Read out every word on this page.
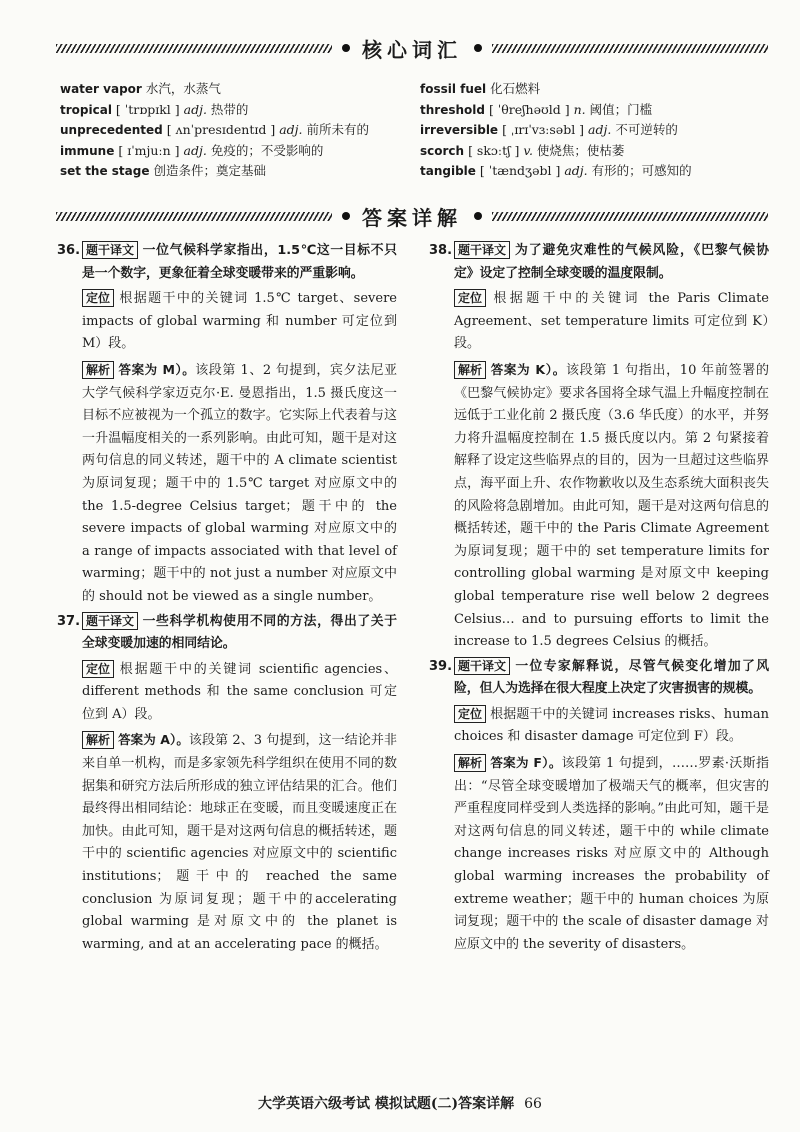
核心词汇
water vapor 水汽，水蒸气
tropical [ ˈtrɒpɪkl ] adj. 热带的
unprecedented [ ʌnˈpresɪdentɪd ] adj. 前所未有的
immune [ ɪˈmjuːn ] adj. 免疫的；不受影响的
set the stage 创造条件；奠定基础
fossil fuel 化石燃料
threshold [ ˈθreʃhəʊld ] n. 阈值；门槛
irreversible [ ˌɪrɪˈvɜːsəbl ] adj. 不可逆转的
scorch [ skɔːtʃ ] v. 使烧焦；使枯萎
tangible [ ˈtændʒəbl ] adj. 有形的；可感知的
答案详解
36. 题干译文 一位气候科学家指出，1.5℃这一目标不只是一个数字，更象征着全球变暖带来的严重影响。
定位 根据题干中的关键词 1.5℃ target、severe impacts of global warming 和 number 可定位到 M）段。
解析 答案为 M）。该段第 1、2 句提到，宾夕法尼亚大学气候科学家迈克尔·E. 曼恩指出，1.5 摄氏度这一目标不应被视为一个孤立的数字。它实际上代表着与这一升温幅度相关的一系列影响。由此可知，题干是对这两句信息的同义转述，题干中的 A climate scientist 为原词复现；题干中的 1.5℃ target 对应原文中的 the 1.5-degree Celsius target；题干中的 the severe impacts of global warming 对应原文中的 a range of impacts associated with that level of warming；题干中的 not just a number 对应原文中的 should not be viewed as a single number。
37. 题干译文 一些科学机构使用不同的方法，得出了关于全球变暖加速的相同结论。
定位 根据题干中的关键词 scientific agencies、different methods 和 the same conclusion 可定位到 A）段。
解析 答案为 A）。该段第 2、3 句提到，这一结论并非来自单一机构，而是多家领先科学组织在使用不同的数据集和研究方法后所形成的独立评估结果的汇合。他们最终得出相同结论：地球正在变暖，而且变暖速度正在加快。由此可知，题干是对这两句信息的概括转述，题干中的 scientific agencies 对应原文中的 scientific institutions；题干中的 reached the same conclusion 为原词复现；题干中的accelerating global warming 是对原文中的 the planet is warming, and at an accelerating pace 的概括。
38. 题干译文 为了避免灾难性的气候风险，《巴黎气候协定》设定了控制全球变暖的温度限制。
定位 根据题干中的关键词 the Paris Climate Agreement、set temperature limits 可定位到 K）段。
解析 答案为 K）。该段第 1 句指出，10 年前签署的《巴黎气候协定》要求各国将全球气温上升幅度控制在远低于工业化前 2 摄氏度（3.6 华氏度）的水平，并努力将升温幅度控制在 1.5 摄氏度以内。第 2 句紧接着解释了设定这些临界点的目的，因为一旦超过这些临界点，海平面上升、农作物歉收以及生态系统大面积丧失的风险将急剧增加。由此可知，题干是对这两句信息的概括转述，题干中的 the Paris Climate Agreement 为原词复现；题干中的 set temperature limits for controlling global warming 是对原文中 keeping global temperature rise well below 2 degrees Celsius… and to pursuing efforts to limit the increase to 1.5 degrees Celsius 的概括。
39. 题干译文 一位专家解释说，尽管气候变化增加了风险，但人为选择在很大程度上决定了灾害损害的规模。
定位 根据题干中的关键词 increases risks、human choices 和 disaster damage 可定位到 F）段。
解析 答案为 F）。该段第 1 句提到，……罗素·沃斯指出：“尽管全球变暖增加了极端天气的概率，但灾害的严重程度同样受到人类选择的影响。”由此可知，题干是对这两句信息的同义转述，题干中的 while climate change increases risks 对应原文中的 Although global warming increases the probability of extreme weather；题干中的 human choices 为原词复现；题干中的 the scale of disaster damage 对应原文中的 the severity of disasters。
大学英语六级考试 模拟试题(二)答案详解 66
